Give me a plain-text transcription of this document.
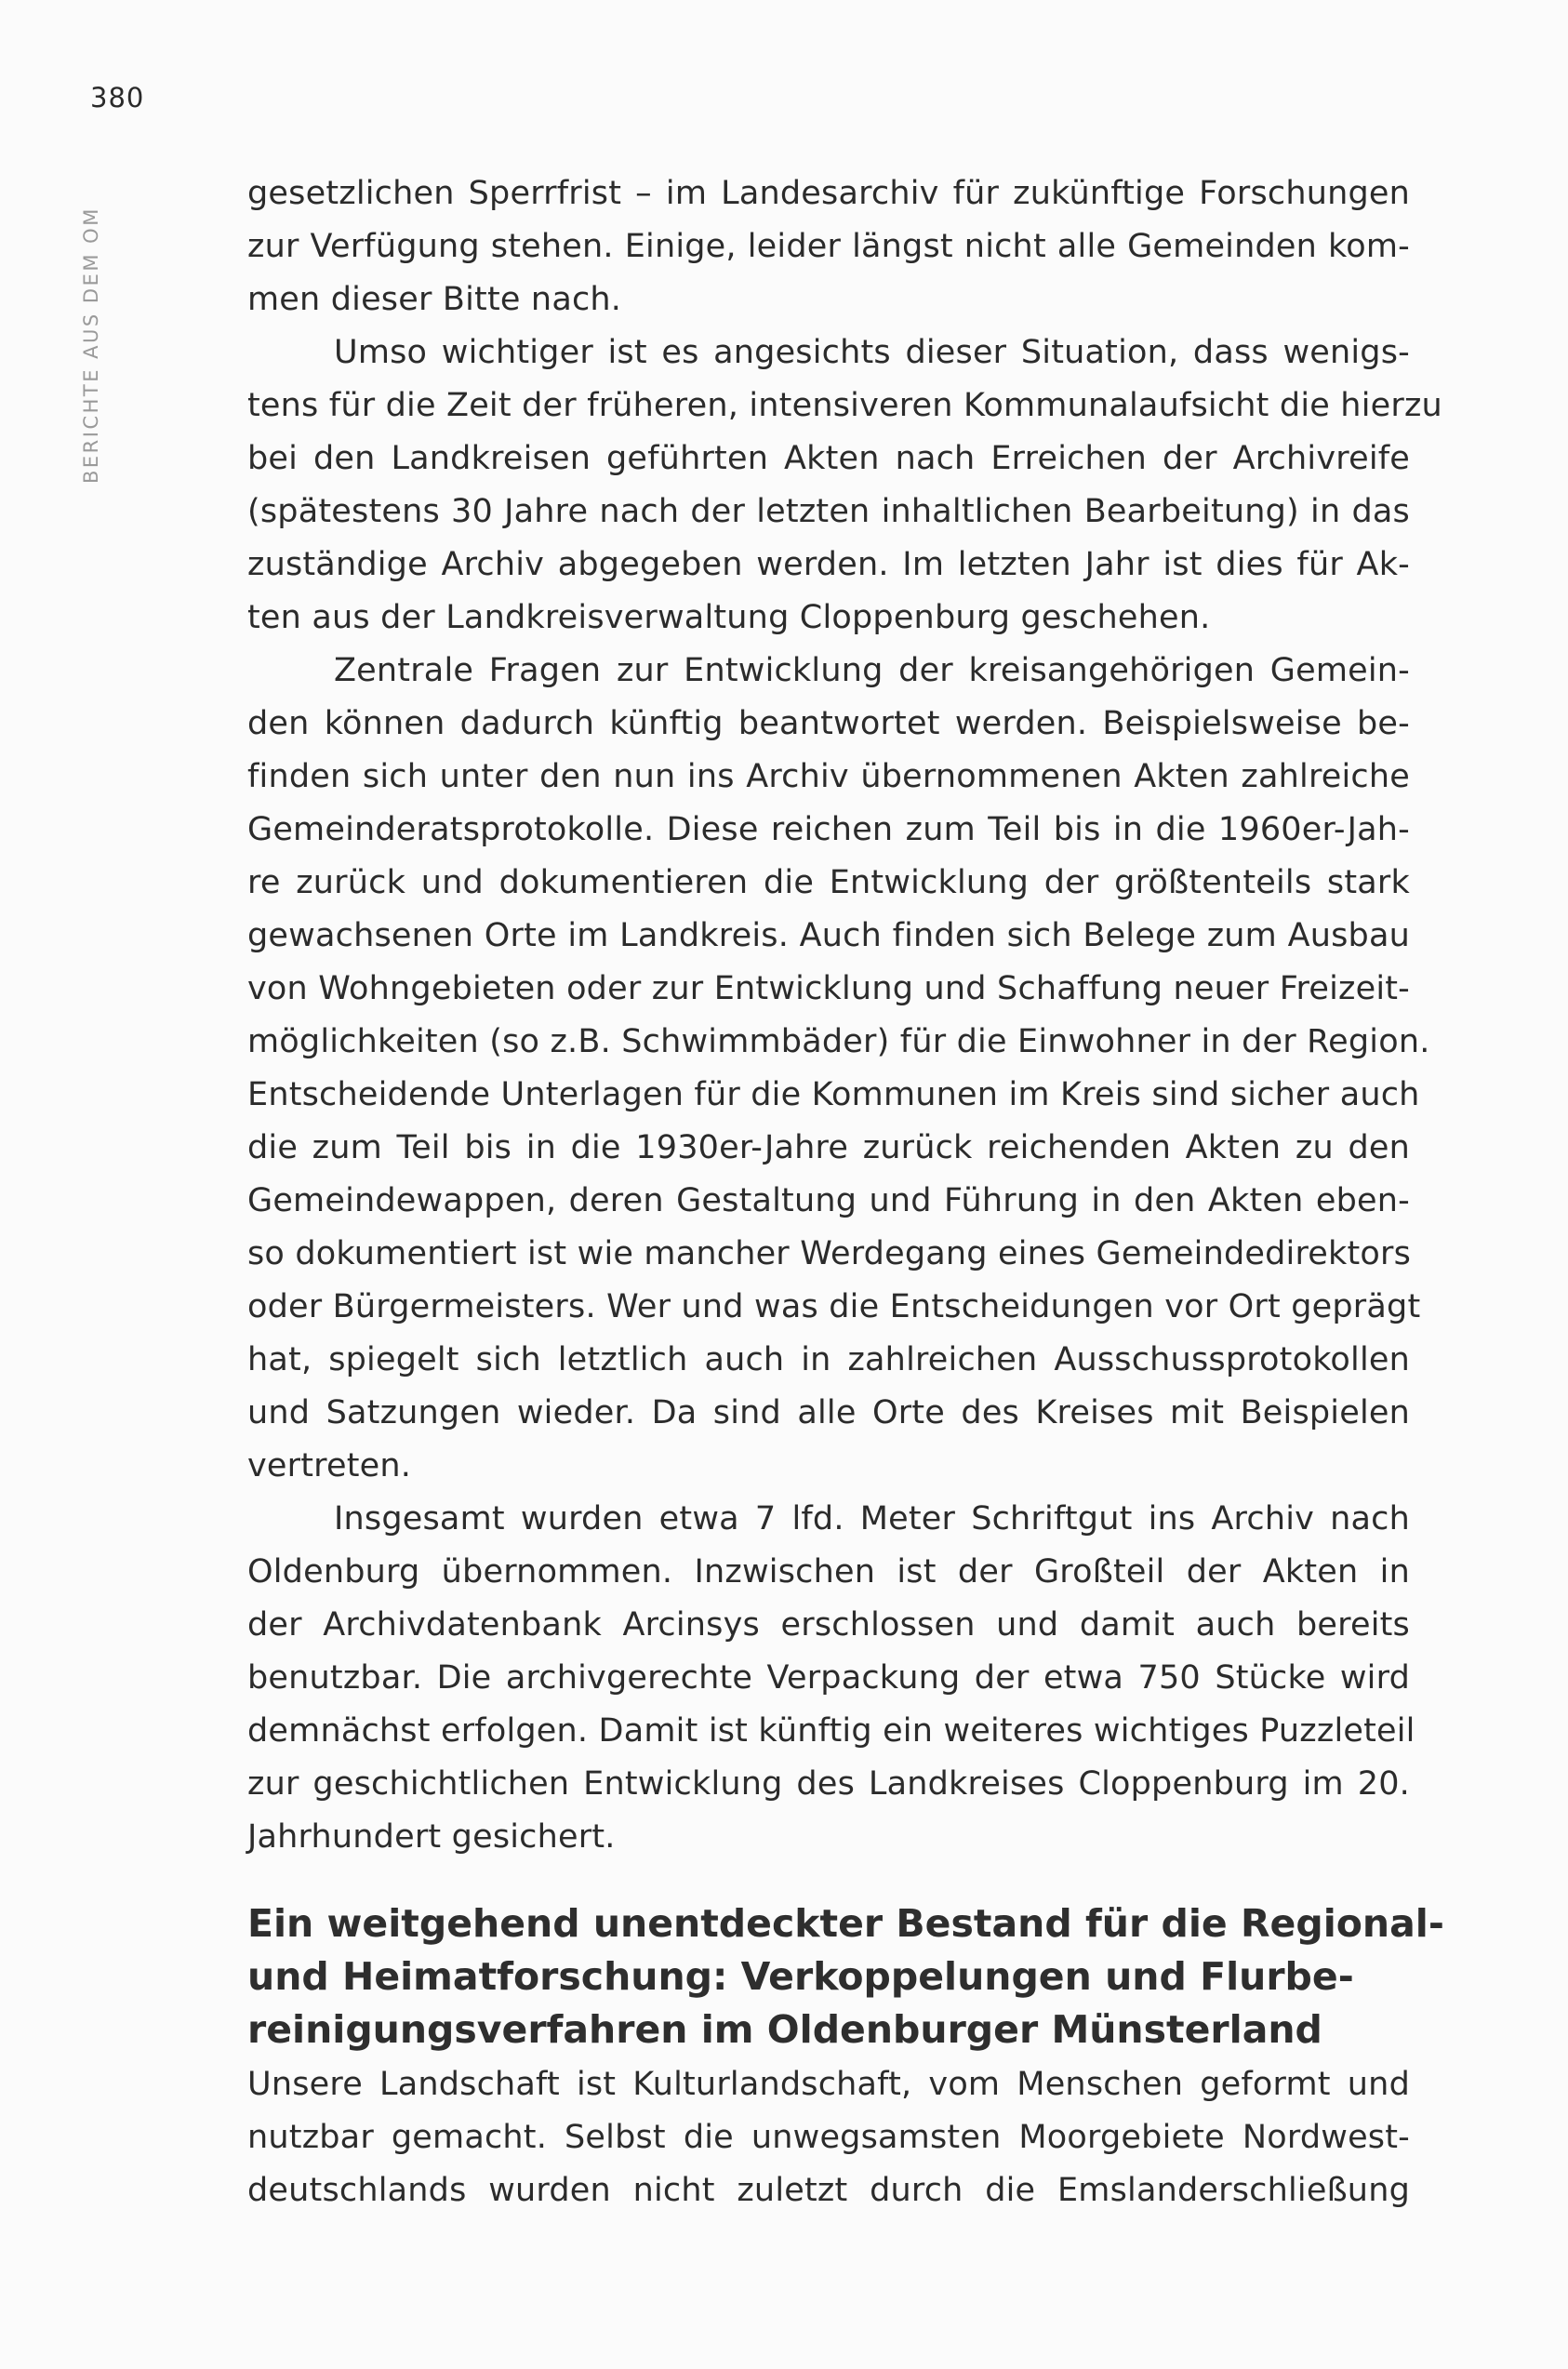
380
BERICHTE AUS DEM OM
gesetzlichen Sperrfrist – im Landesarchiv für zukünftige Forschungen
zur Verfügung stehen. Einige, leider längst nicht alle Gemeinden kom-
men dieser Bitte nach.
Umso wichtiger ist es angesichts dieser Situation, dass wenigs-
tens für die Zeit der früheren, intensiveren Kommunalaufsicht die hierzu
bei den Landkreisen geführten Akten nach Erreichen der Archivreife
(spätestens 30 Jahre nach der letzten inhaltlichen Bearbeitung) in das
zuständige Archiv abgegeben werden. Im letzten Jahr ist dies für Ak-
ten aus der Landkreisverwaltung Cloppenburg geschehen.
Zentrale Fragen zur Entwicklung der kreisangehörigen Gemein-
den können dadurch künftig beantwortet werden. Beispielsweise be-
finden sich unter den nun ins Archiv übernommenen Akten zahlreiche
Gemeinderatsprotokolle. Diese reichen zum Teil bis in die 1960er-Jah-
re zurück und dokumentieren die Entwicklung der größtenteils stark
gewachsenen Orte im Landkreis. Auch finden sich Belege zum Ausbau
von Wohngebieten oder zur Entwicklung und Schaffung neuer Freizeit-
möglichkeiten (so z.B. Schwimmbäder) für die Einwohner in der Region.
Entscheidende Unterlagen für die Kommunen im Kreis sind sicher auch
die zum Teil bis in die 1930er-Jahre zurück reichenden Akten zu den
Gemeindewappen, deren Gestaltung und Führung in den Akten eben-
so dokumentiert ist wie mancher Werdegang eines Gemeindedirektors
oder Bürgermeisters. Wer und was die Entscheidungen vor Ort geprägt
hat, spiegelt sich letztlich auch in zahlreichen Ausschussprotokollen
und Satzungen wieder. Da sind alle Orte des Kreises mit Beispielen
vertreten.
Insgesamt wurden etwa 7 lfd. Meter Schriftgut ins Archiv nach
Oldenburg übernommen. Inzwischen ist der Großteil der Akten in
der Archivdatenbank Arcinsys erschlossen und damit auch bereits
benutzbar. Die archivgerechte Verpackung der etwa 750 Stücke wird
demnächst erfolgen. Damit ist künftig ein weiteres wichtiges Puzzleteil
zur geschichtlichen Entwicklung des Landkreises Cloppenburg im 20.
Jahrhundert gesichert.
Ein weitgehend unentdeckter Bestand für die Regional-
und Heimatforschung: Verkoppelungen und Flurbe-
reinigungsverfahren im Oldenburger Münsterland
Unsere Landschaft ist Kulturlandschaft, vom Menschen geformt und
nutzbar gemacht. Selbst die unwegsamsten Moorgebiete Nordwest-
deutschlands wurden nicht zuletzt durch die Emslanderschließung
